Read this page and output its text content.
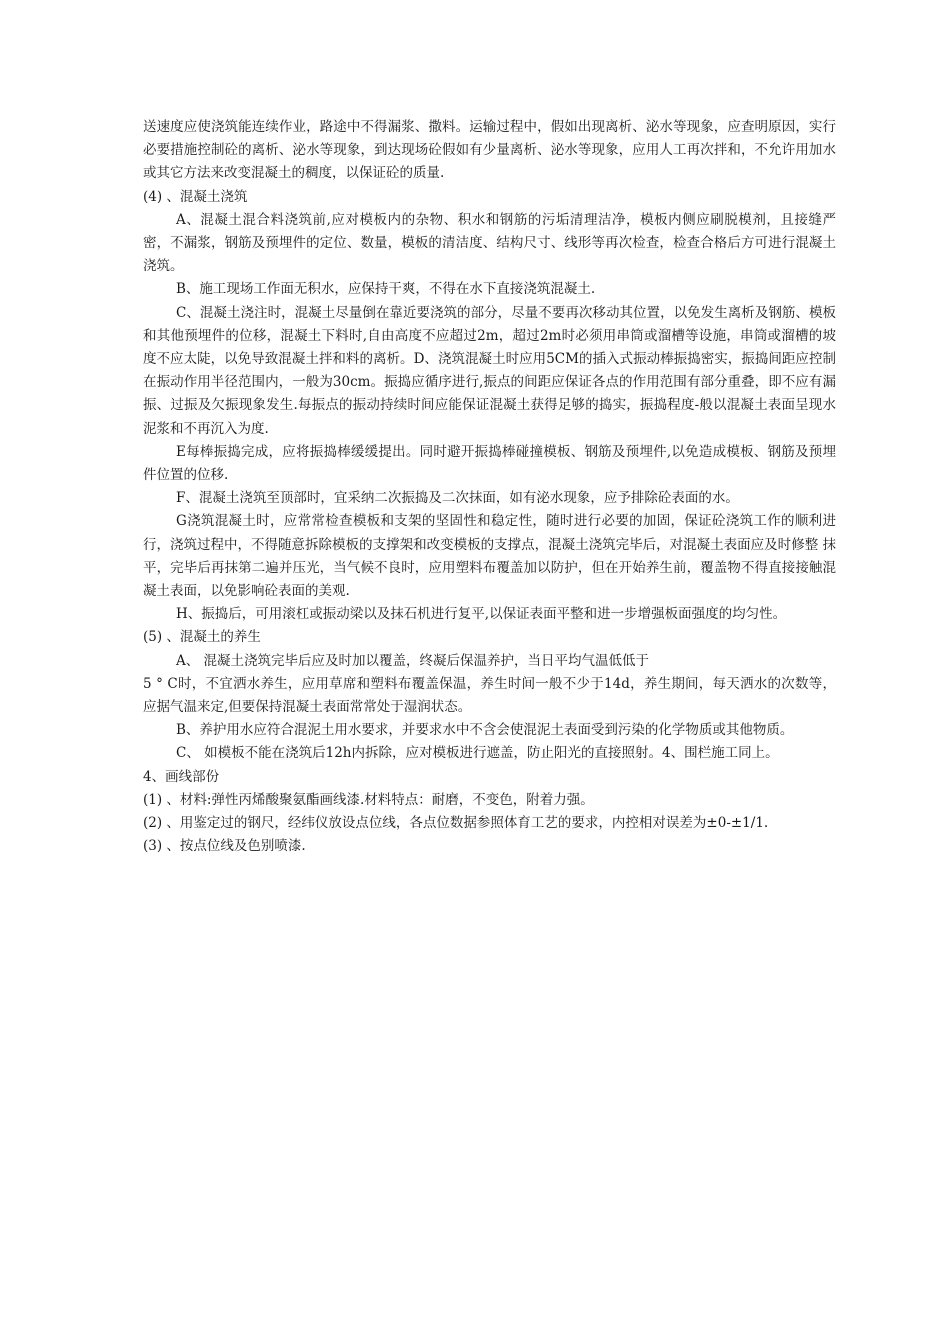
送速度应使浇筑能连续作业，路途中不得漏浆、撒料。运输过程中，假如出现离析、泌水等现象，应查明原因，实行必要措施控制砼的离析、泌水等现象，到达现场砼假如有少量离析、泌水等现象，应用人工再次拌和，不允许用加水或其它方法来改变混凝土的稠度，以保证砼的质量.

(4) 、混凝土浇筑

A、混凝土混合料浇筑前,应对模板内的杂物、积水和钢筋的污垢清理洁净，模板内侧应刷脱模剂，且接缝严密，不漏浆，钢筋及预埋件的定位、数量，模板的清洁度、结构尺寸、线形等再次检查，检查合格后方可进行混凝土浇筑。

B、施工现场工作面无积水，应保持干爽，不得在水下直接浇筑混凝土.

C、混凝土浇注时，混凝土尽量倒在靠近要浇筑的部分，尽量不要再次移动其位置，以免发生离析及钢筋、模板和其他预埋件的位移，混凝土下料时,自由高度不应超过2m，超过2m时必须用串筒或溜槽等设施，串筒或溜槽的坡度不应太陡，以免导致混凝土拌和料的离析。D、浇筑混凝土时应用5CM的插入式振动棒振捣密实，振捣间距应控制在振动作用半径范围内，一般为30cm。振捣应循序进行,振点的间距应保证各点的作用范围有部分重叠，即不应有漏振、过振及欠振现象发生.每振点的振动持续时间应能保证混凝土获得足够的捣实，振捣程度-般以混凝土表面呈现水泥浆和不再沉入为度.

E每棒振捣完成，应将振捣棒缓缓提出。同时避开振捣棒碰撞模板、钢筋及预埋件,以免造成模板、钢筋及预埋件位置的位移.

F、混凝土浇筑至顶部时，宜采纳二次振捣及二次抹面，如有泌水现象，应予排除砼表面的水。

G浇筑混凝土时，应常常检查模板和支架的坚固性和稳定性，随时进行必要的加固，保证砼浇筑工作的顺利进行，浇筑过程中，不得随意拆除模板的支撑架和改变模板的支撑点，混凝土浇筑完毕后，对混凝土表面应及时修整 抹平，完毕后再抹第二遍并压光，当气候不良时，应用塑料布覆盖加以防护，但在开始养生前，覆盖物不得直接接触混凝土表面，以免影响砼表面的美观.

H、振捣后，可用滚杠或振动梁以及抹石机进行复平,以保证表面平整和进一步增强板面强度的均匀性。

(5) 、混凝土的养生

A、 混凝土浇筑完毕后应及时加以覆盖，终凝后保温养护，当日平均气温低低于

5 ° C时，不宜洒水养生，应用草席和塑料布覆盖保温，养生时间一般不少于14d，养生期间，每天洒水的次数等，应据气温来定,但要保持混凝土表面常常处于湿润状态。

B、养护用水应符合混泥土用水要求，并要求水中不含会使混泥土表面受到污染的化学物质或其他物质。

C、 如模板不能在浇筑后12h内拆除，应对模板进行遮盖，防止阳光的直接照射。4、围栏施工同上。

4、画线部份

(1) 、材料:弹性丙烯酸聚氨酯画线漆.材料特点：耐磨，不变色，附着力强。

(2) 、用鉴定过的钢尺，经纬仪放设点位线，各点位数据参照体育工艺的要求，内控相对误差为±0-±1/1.

(3) 、按点位线及色别喷漆.
